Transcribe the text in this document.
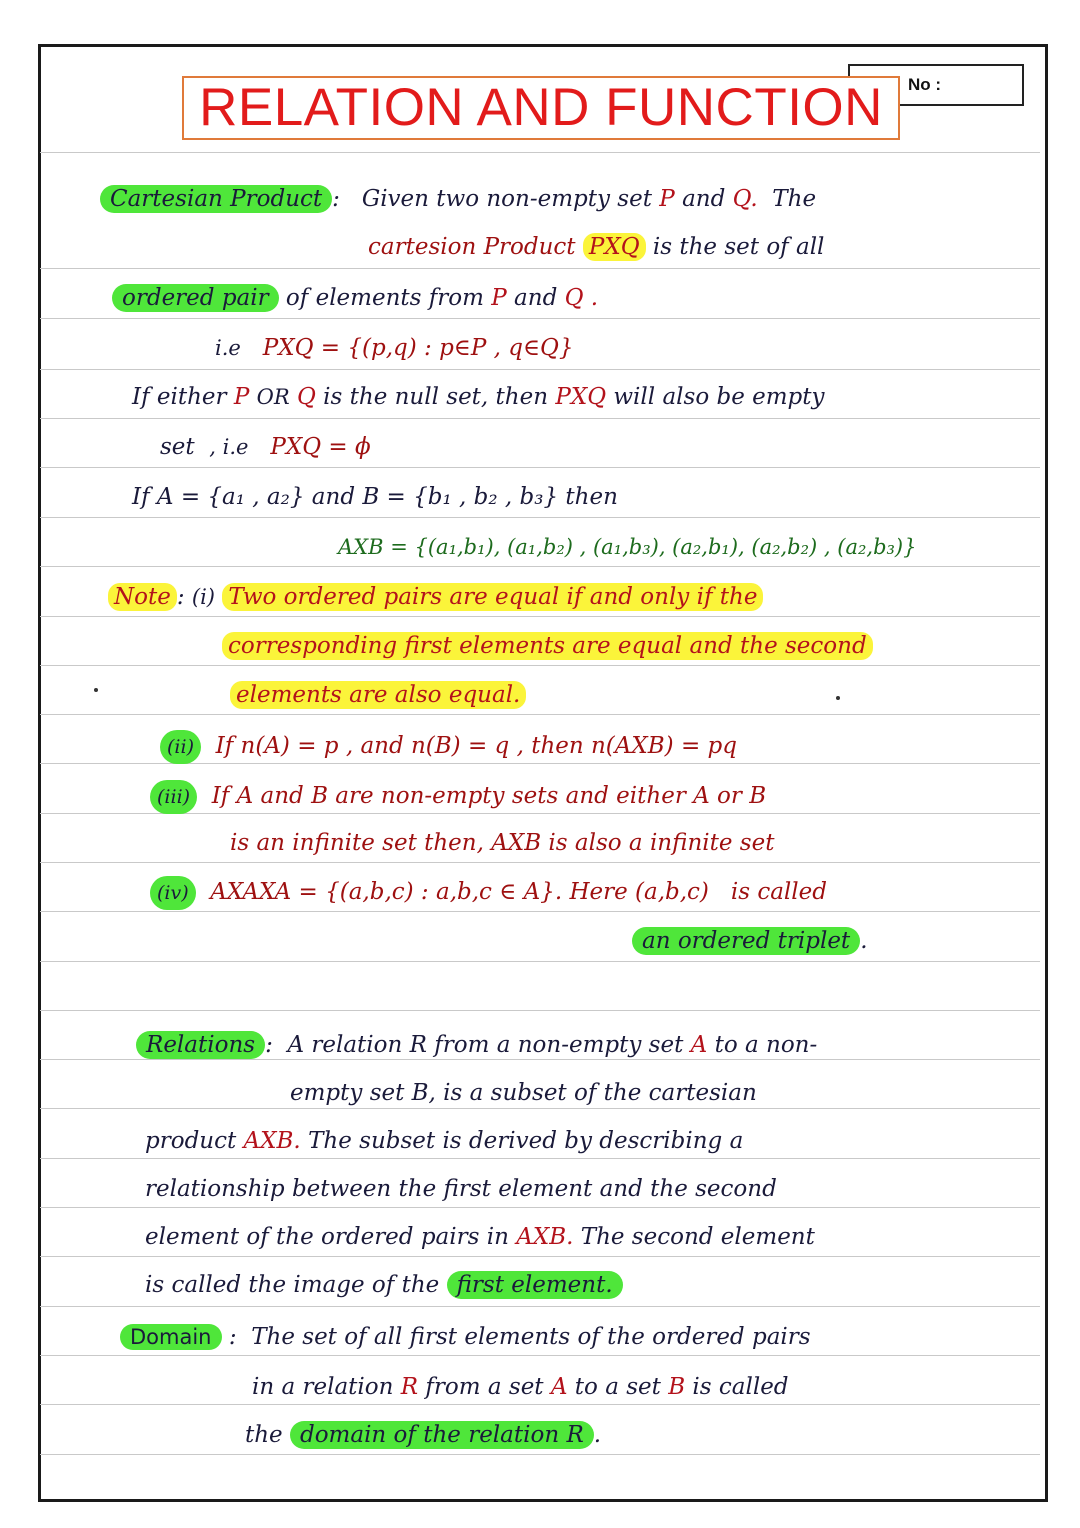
No :
RELATION AND FUNCTION
Cartesian Product : Given two non-empty set P and Q. The
cartesion Product PXQ is the set of all
ordered pair of elements from P and Q .
i.e PXQ = {(p,q) : p∈P , q∈Q}
If either P OR Q is the null set, then PXQ will also be empty
set , i.e PXQ = ϕ
If A = {a₁ , a₂} and B = {b₁ , b₂ , b₃} then
AXB = {(a₁,b₁), (a₁,b₂) , (a₁,b₃), (a₂,b₁), (a₂,b₂) , (a₂,b₃)}
Note : (i) Two ordered pairs are equal if and only if the
corresponding first elements are equal and the second
elements are also equal.
(ii) If n(A) = p , and n(B) = q , then n(AXB) = pq
(iii) If A and B are non-empty sets and either A or B
is an infinite set then, AXB is also a infinite set
(iv) AXAXA = {(a,b,c) : a,b,c ∈ A}. Here (a,b,c) is called
an ordered triplet .
Relations : A relation R from a non-empty set A to a non-
empty set B, is a subset of the cartesian
product AXB. The subset is derived by describing a
relationship between the first element and the second
element of the ordered pairs in AXB. The second element
is called the image of the first element.
Domain : The set of all first elements of the ordered pairs
in a relation R from a set A to a set B is called
the domain of the relation R .
